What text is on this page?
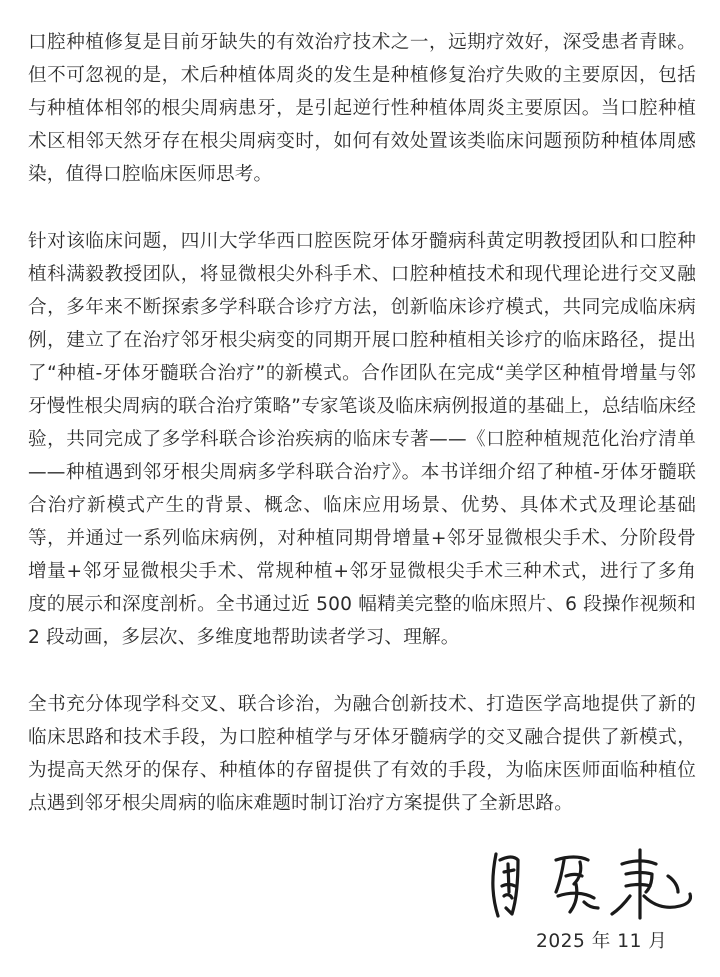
口腔种植修复是目前牙缺失的有效治疗技术之一，远期疗效好，深受患者青睐。但不可忽视的是，术后种植体周炎的发生是种植修复治疗失败的主要原因，包括与种植体相邻的根尖周病患牙，是引起逆行性种植体周炎主要原因。当口腔种植术区相邻天然牙存在根尖周病变时，如何有效处置该类临床问题预防种植体周感染，值得口腔临床医师思考。

针对该临床问题，四川大学华西口腔医院牙体牙髓病科黄定明教授团队和口腔种植科满毅教授团队，将显微根尖外科手术、口腔种植技术和现代理论进行交叉融合，多年来不断探索多学科联合诊疗方法，创新临床诊疗模式，共同完成临床病例，建立了在治疗邻牙根尖病变的同期开展口腔种植相关诊疗的临床路径，提出了“种植-牙体牙髓联合治疗”的新模式。合作团队在完成“美学区种植骨增量与邻牙慢性根尖周病的联合治疗策略”专家笔谈及临床病例报道的基础上，总结临床经验，共同完成了多学科联合诊治疾病的临床专著——《口腔种植规范化治疗清单——种植遇到邻牙根尖周病多学科联合治疗》。本书详细介绍了种植-牙体牙髓联合治疗新模式产生的背景、概念、临床应用场景、优势、具体术式及理论基础等，并通过一系列临床病例，对种植同期骨增量+邻牙显微根尖手术、分阶段骨增量+邻牙显微根尖手术、常规种植+邻牙显微根尖手术三种术式，进行了多角度的展示和深度剖析。全书通过近 500 幅精美完整的临床照片、6 段操作视频和 2 段动画，多层次、多维度地帮助读者学习、理解。

全书充分体现学科交叉、联合诊治，为融合创新技术、打造医学高地提供了新的临床思路和技术手段，为口腔种植学与牙体牙髓病学的交叉融合提供了新模式，为提高天然牙的保存、种植体的存留提供了有效的手段，为临床医师面临种植位点遇到邻牙根尖周病的临床难题时制订治疗方案提供了全新思路。

2025 年 11 月
